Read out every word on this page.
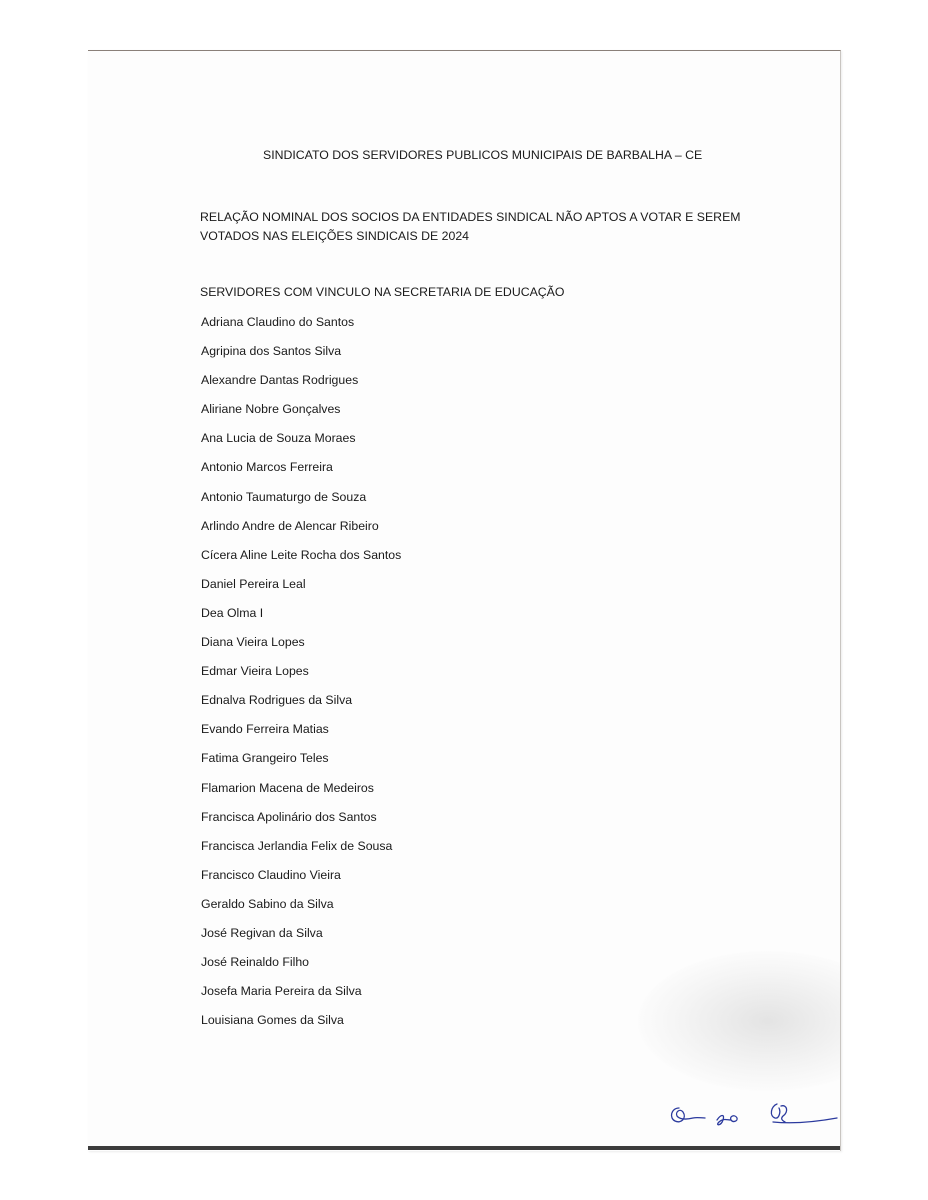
SINDICATO DOS SERVIDORES PUBLICOS MUNICIPAIS DE BARBALHA – CE
RELAÇÃO NOMINAL DOS SOCIOS DA ENTIDADES SINDICAL NÃO APTOS A VOTAR E SEREM
VOTADOS NAS ELEIÇÕES SINDICAIS DE 2024
SERVIDORES COM VINCULO NA SECRETARIA DE EDUCAÇÃO
Adriana Claudino do Santos
Agripina dos Santos Silva
Alexandre Dantas Rodrigues
Aliriane Nobre Gonçalves
Ana Lucia de Souza Moraes
Antonio Marcos Ferreira
Antonio Taumaturgo de Souza
Arlindo Andre de Alencar Ribeiro
Cícera Aline Leite Rocha dos Santos
Daniel Pereira Leal
Dea Olma I
Diana Vieira Lopes
Edmar Vieira Lopes
Ednalva Rodrigues da Silva
Evando Ferreira Matias
Fatima Grangeiro Teles
Flamarion Macena de Medeiros
Francisca Apolinário dos Santos
Francisca Jerlandia Felix de Sousa
Francisco Claudino Vieira
Geraldo Sabino da Silva
José Regivan da Silva
José Reinaldo Filho
Josefa Maria Pereira da Silva
Louisiana Gomes da Silva
